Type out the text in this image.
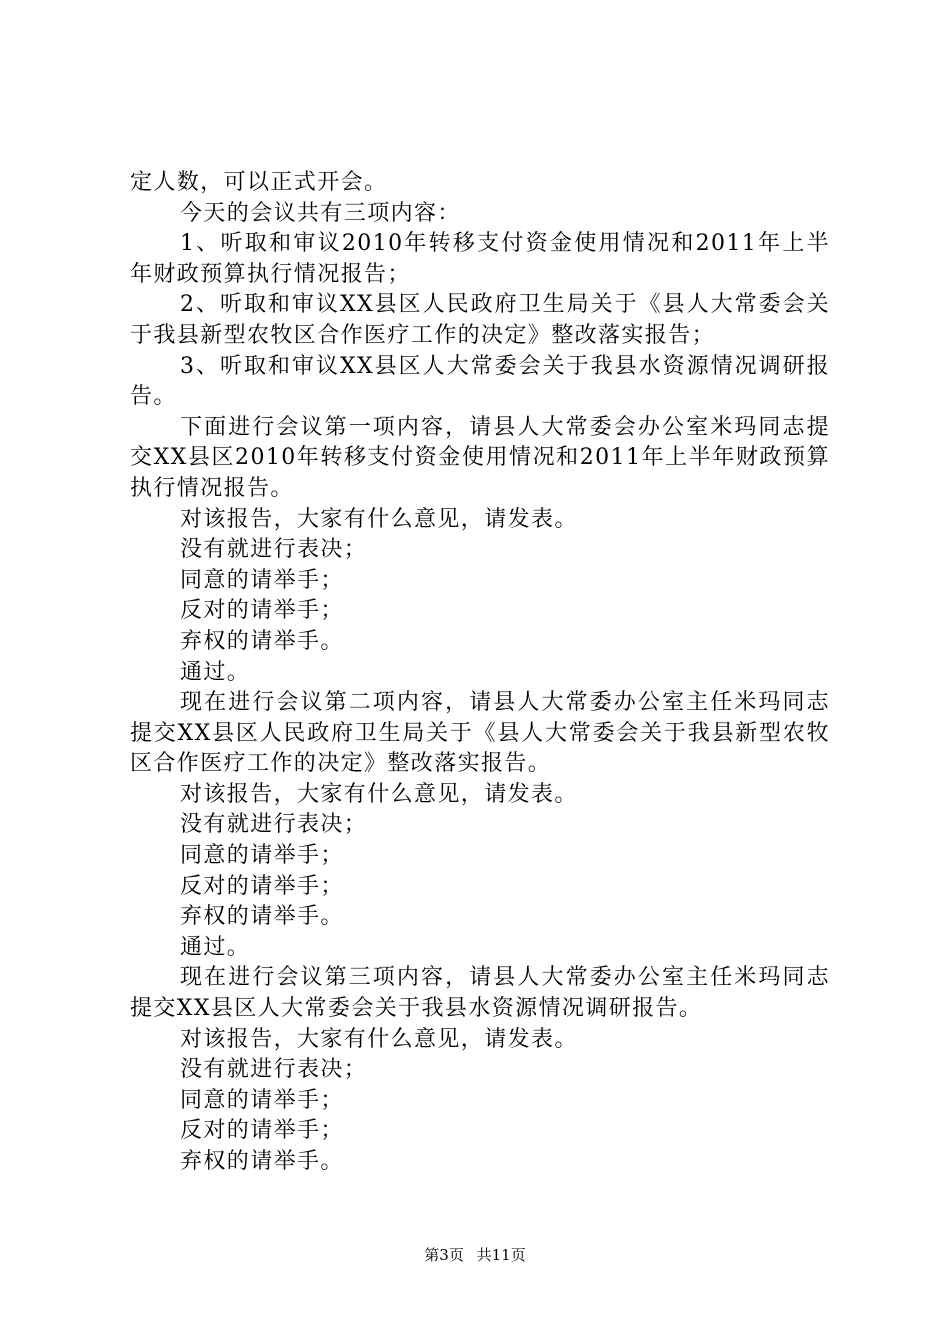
定人数，可以正式开会。

今天的会议共有三项内容：

1、听取和审议2010年转移支付资金使用情况和2011年上半年财政预算执行情况报告；

2、听取和审议XX县区人民政府卫生局关于《县人大常委会关于我县新型农牧区合作医疗工作的决定》整改落实报告；

3、听取和审议XX县区人大常委会关于我县水资源情况调研报告。

下面进行会议第一项内容，请县人大常委会办公室米玛同志提交XX县区2010年转移支付资金使用情况和2011年上半年财政预算执行情况报告。

对该报告，大家有什么意见，请发表。

没有就进行表决；

同意的请举手；

反对的请举手；

弃权的请举手。

通过。

现在进行会议第二项内容，请县人大常委办公室主任米玛同志提交XX县区人民政府卫生局关于《县人大常委会关于我县新型农牧区合作医疗工作的决定》整改落实报告。

对该报告，大家有什么意见，请发表。

没有就进行表决；

同意的请举手；

反对的请举手；

弃权的请举手。

通过。

现在进行会议第三项内容，请县人大常委办公室主任米玛同志提交XX县区人大常委会关于我县水资源情况调研报告。

对该报告，大家有什么意见，请发表。

没有就进行表决；

同意的请举手；

反对的请举手；

弃权的请举手。

第3页 共11页
